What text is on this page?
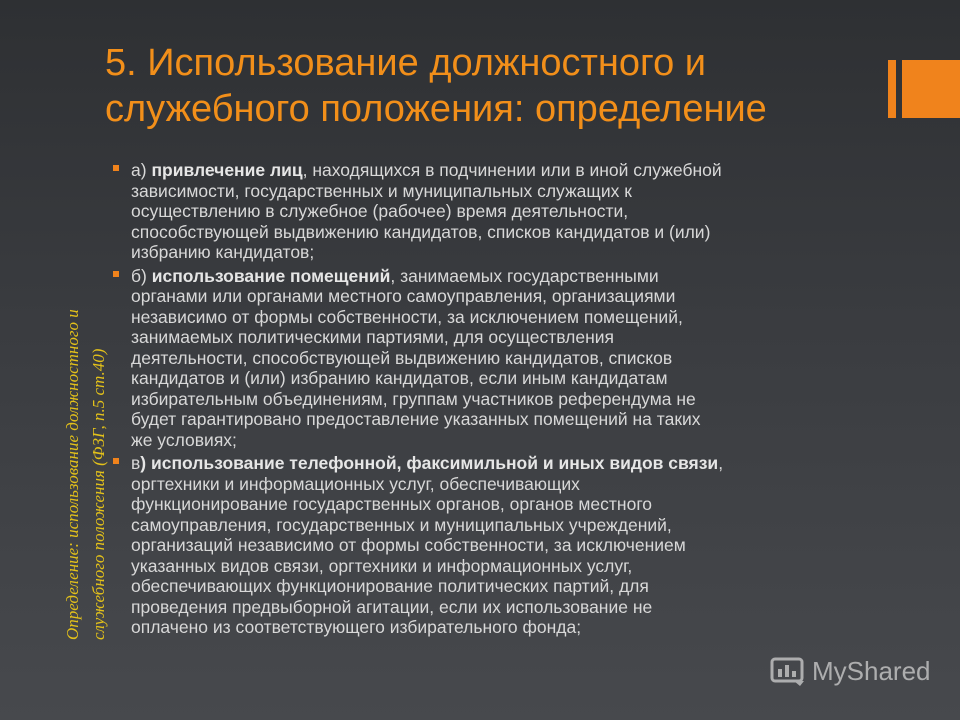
5. Использование должностного и
служебного положения: определение
Определение: использование должностного и служебного положения (ФЗГ, п.5 ст.40)
а) привлечение лиц, находящихся в подчинении или в иной служебной
зависимости, государственных и муниципальных служащих к
осуществлению в служебное (рабочее) время деятельности,
способствующей выдвижению кандидатов, списков кандидатов и (или)
избранию кандидатов;
б) использование помещений, занимаемых государственными
органами или органами местного самоуправления, организациями
независимо от формы собственности, за исключением помещений,
занимаемых политическими партиями, для осуществления
деятельности, способствующей выдвижению кандидатов, списков
кандидатов и (или) избранию кандидатов, если иным кандидатам
избирательным объединениям, группам участников референдума не
будет гарантировано предоставление указанных помещений на таких
же условиях;
в) использование телефонной, факсимильной и иных видов связи,
оргтехники и информационных услуг, обеспечивающих
функционирование государственных органов, органов местного
самоуправления, государственных и муниципальных учреждений,
организаций независимо от формы собственности, за исключением
указанных видов связи, оргтехники и информационных услуг,
обеспечивающих функционирование политических партий, для
проведения предвыборной агитации, если их использование не
оплачено из соответствующего избирательного фонда;
MyShared
